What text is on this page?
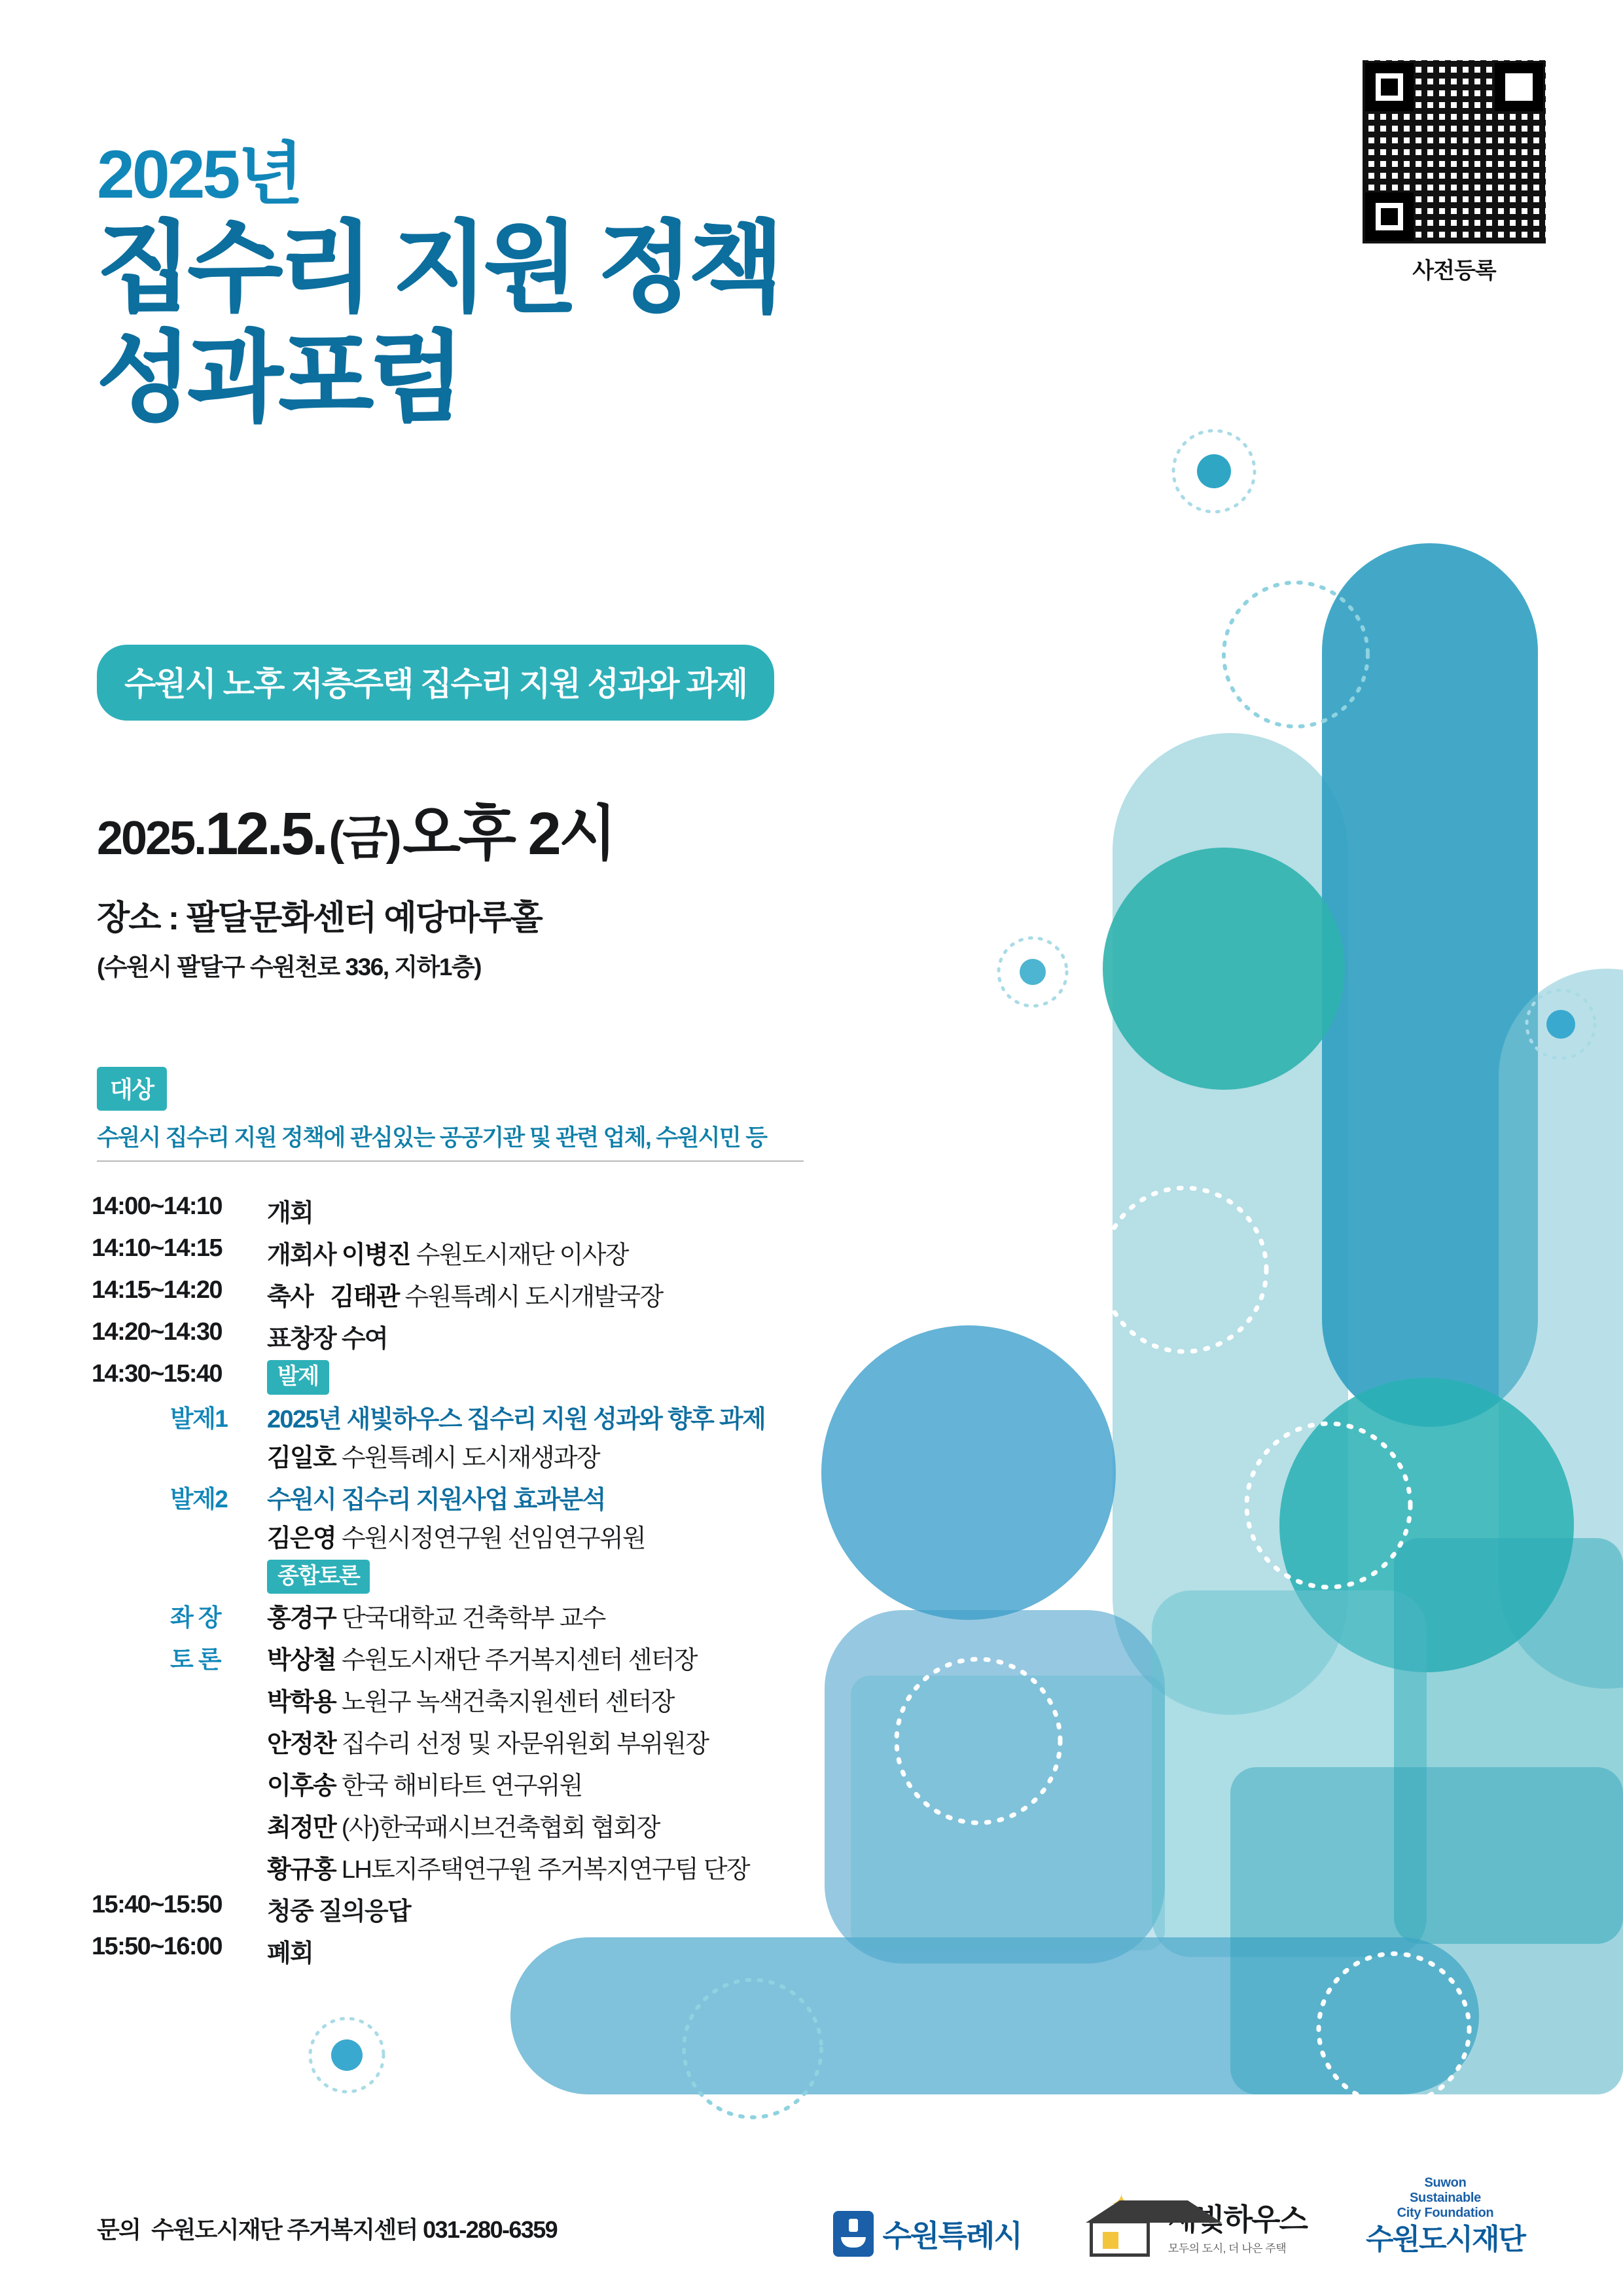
사전등록
2025년
집수리 지원 정책
성과포럼
수원시 노후 저층주택 집수리 지원 성과와 과제
2025.12.5. (금) 오후 2시
장소 : 팔달문화센터 예당마루홀
(수원시 팔달구 수원천로 336, 지하1층)
대상
수원시 집수리 지원 정책에 관심있는 공공기관 및 관련 업체, 수원시민 등
14:00~14:10	개회
14:10~14:15	개회사 이병진 수원도시재단 이사장
14:15~14:20	축사 김태관 수원특례시 도시개발국장
14:20~14:30	표창장 수여
14:30~15:40	발제
발제1	2025년 새빛하우스 집수리 지원 성과와 향후 과제
김일호 수원특례시 도시재생과장
발제2	수원시 집수리 지원사업 효과분석
김은영 수원시정연구원 선임연구위원
종합토론
좌 장	홍경구 단국대학교 건축학부 교수
토 론	박상철 수원도시재단 주거복지센터 센터장
박학용 노원구 녹색건축지원센터 센터장
안정찬 집수리 선정 및 자문위원회 부위원장
이후송 한국 해비타트 연구위원
최정만 (사)한국패시브건축협회 협회장
황규홍 LH토지주택연구원 주거복지연구팀 단장
15:40~15:50	청중 질의응답
15:50~16:00	폐회
문의 수원도시재단 주거복지센터 031-280-6359	수원특례시
✦ 새빛하우스
모두의 도시, 더 나은 주택
Suwon
Sustainable
City Foundation
수원도시재단
